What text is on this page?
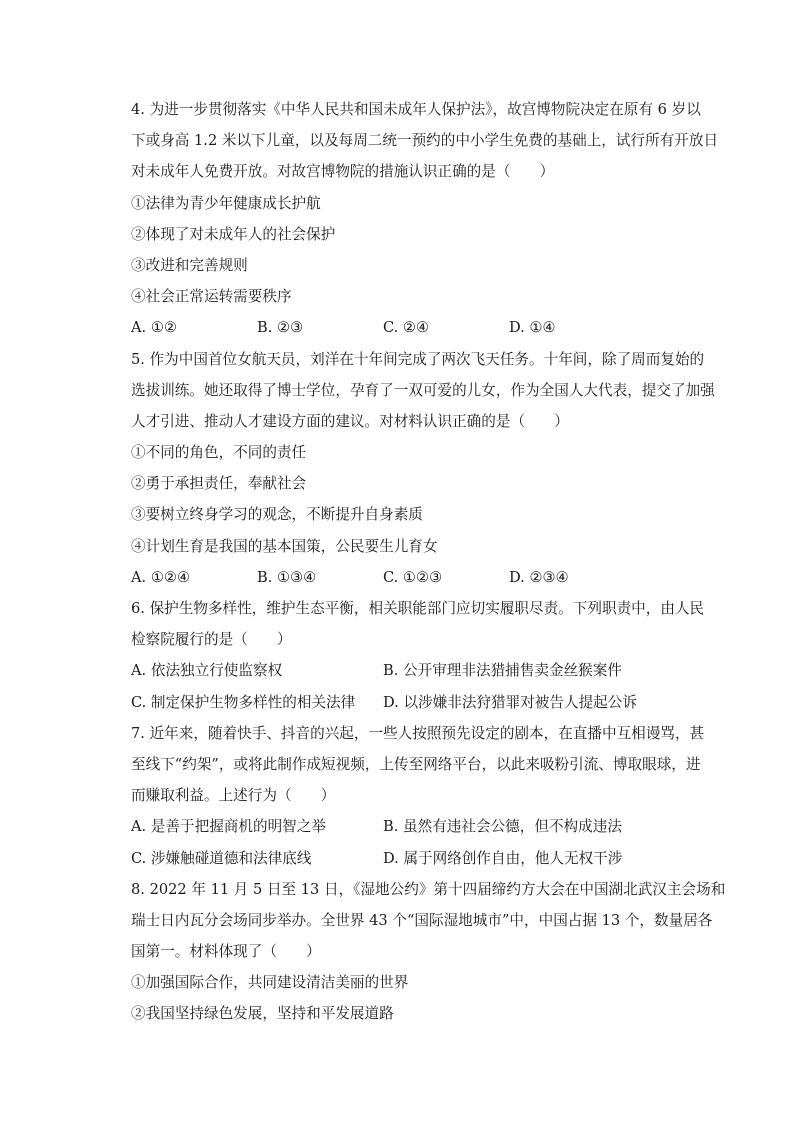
4. 为进一步贯彻落实《中华人民共和国未成年人保护法》，故宫博物院决定在原有 6 岁以
下或身高 1.2 米以下儿童，以及每周二统一预约的中小学生免费的基础上，试行所有开放日
对未成年人免费开放。对故宫博物院的措施认识正确的是（　　）
①法律为青少年健康成长护航
②体现了对未成年人的社会保护
③改进和完善规则
④社会正常运转需要秩序
A. ①②	B. ②③	C. ②④	D. ①④
5. 作为中国首位女航天员，刘洋在十年间完成了两次飞天任务。十年间，除了周而复始的
选拔训练。她还取得了博士学位，孕育了一双可爱的儿女，作为全国人大代表，提交了加强
人才引进、推动人才建设方面的建议。对材料认识正确的是（　　）
①不同的角色，不同的责任
②勇于承担责任，奉献社会
③要树立终身学习的观念，不断提升自身素质
④计划生育是我国的基本国策，公民要生儿育女
A. ①②④	B. ①③④	C. ①②③	D. ②③④
6. 保护生物多样性，维护生态平衡，相关职能部门应切实履职尽责。下列职责中，由人民
检察院履行的是（　　）
A. 依法独立行使监察权	B. 公开审理非法猎捕售卖金丝猴案件
C. 制定保护生物多样性的相关法律	D. 以涉嫌非法狩猎罪对被告人提起公诉
7. 近年来，随着快手、抖音的兴起，一些人按照预先设定的剧本，在直播中互相谩骂，甚
至线下“约架”，或将此制作成短视频，上传至网络平台，以此来吸粉引流、博取眼球，进
而赚取利益。上述行为（　　）
A. 是善于把握商机的明智之举	B. 虽然有违社会公德，但不构成违法
C. 涉嫌触碰道德和法律底线	D. 属于网络创作自由，他人无权干涉
8. 2022 年 11 月 5 日至 13 日，《湿地公约》第十四届缔约方大会在中国湖北武汉主会场和
瑞士日内瓦分会场同步举办。全世界 43 个“国际湿地城市”中，中国占据 13 个，数量居各
国第一。材料体现了（　　）
①加强国际合作，共同建设清洁美丽的世界
②我国坚持绿色发展，坚持和平发展道路
